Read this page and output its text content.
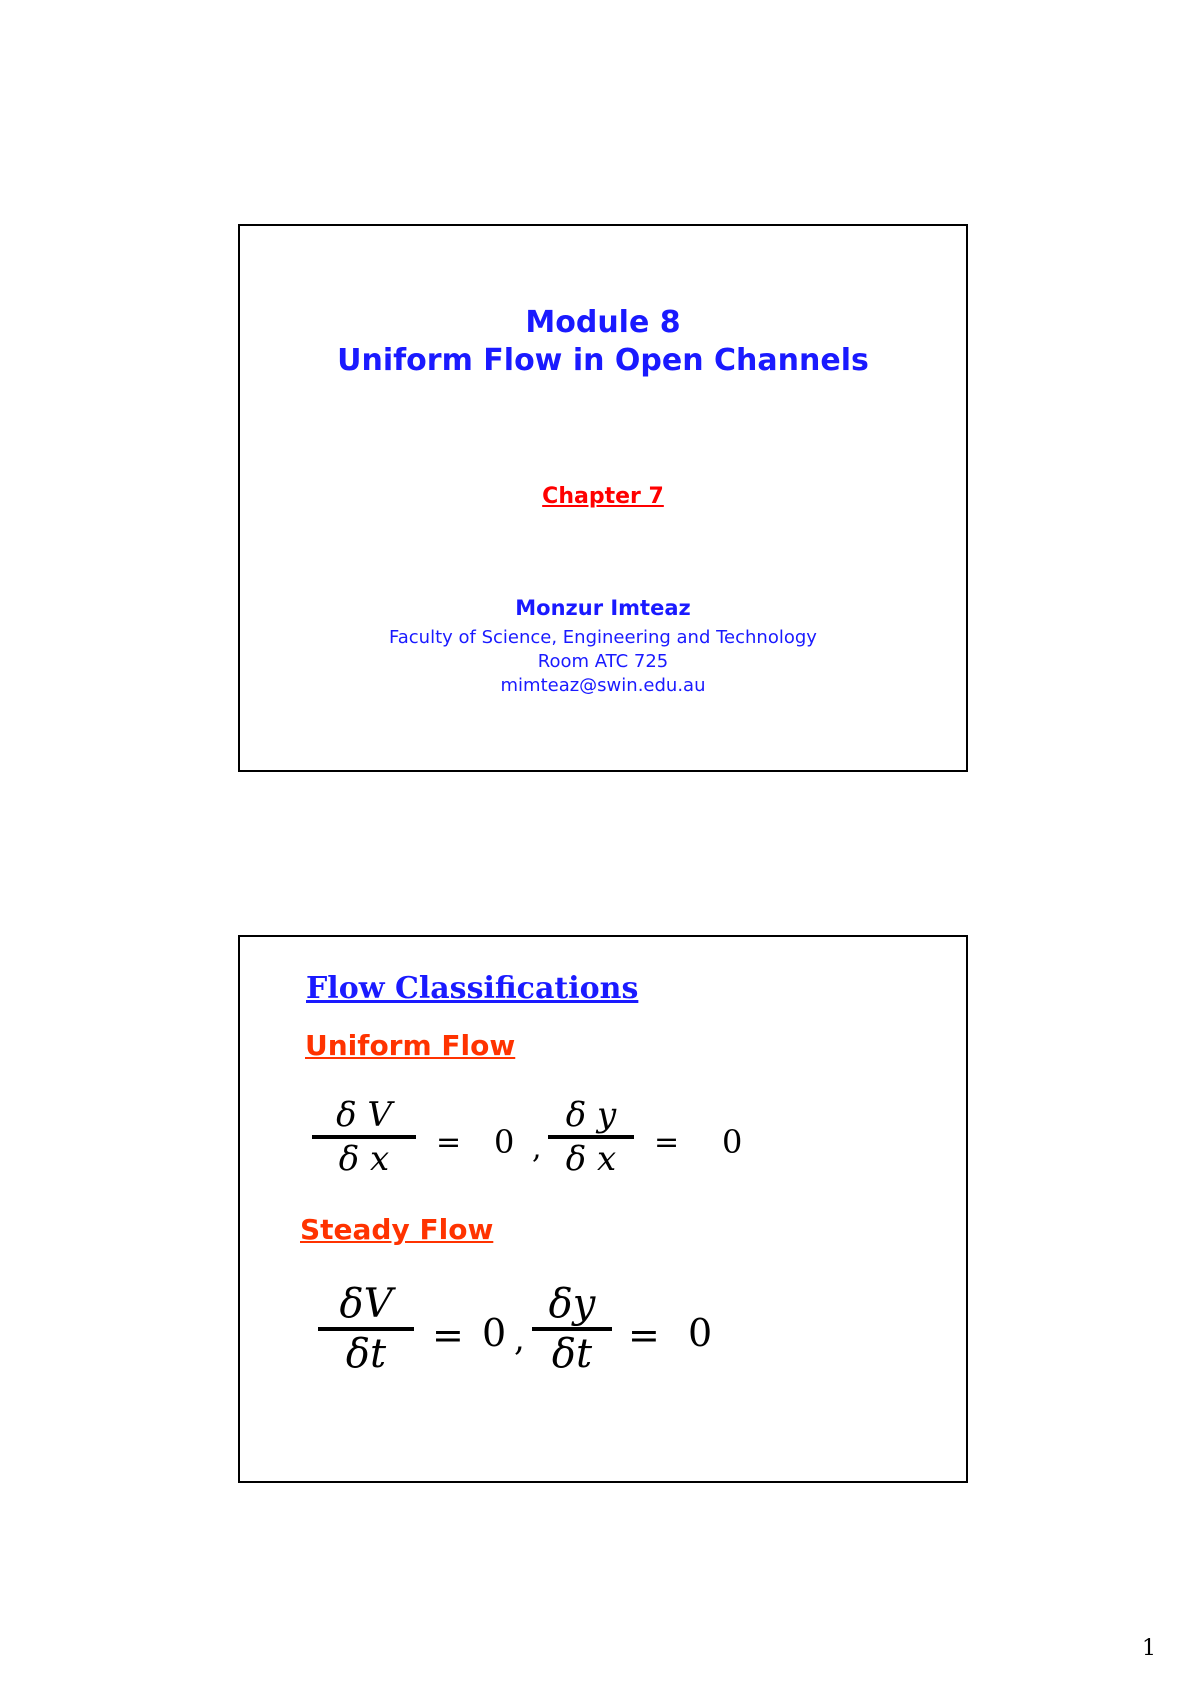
Module 8
Uniform Flow in Open Channels
Chapter 7
Monzur Imteaz
Faculty of Science, Engineering and Technology
Room ATC 725
mimteaz@swin.edu.au
Flow Classifications
Uniform Flow
δ V
δ x	= 0 ,
δ y
δ x	= 0
Steady Flow
δV
δt	= 0 ,
δy
δt = 0
1
